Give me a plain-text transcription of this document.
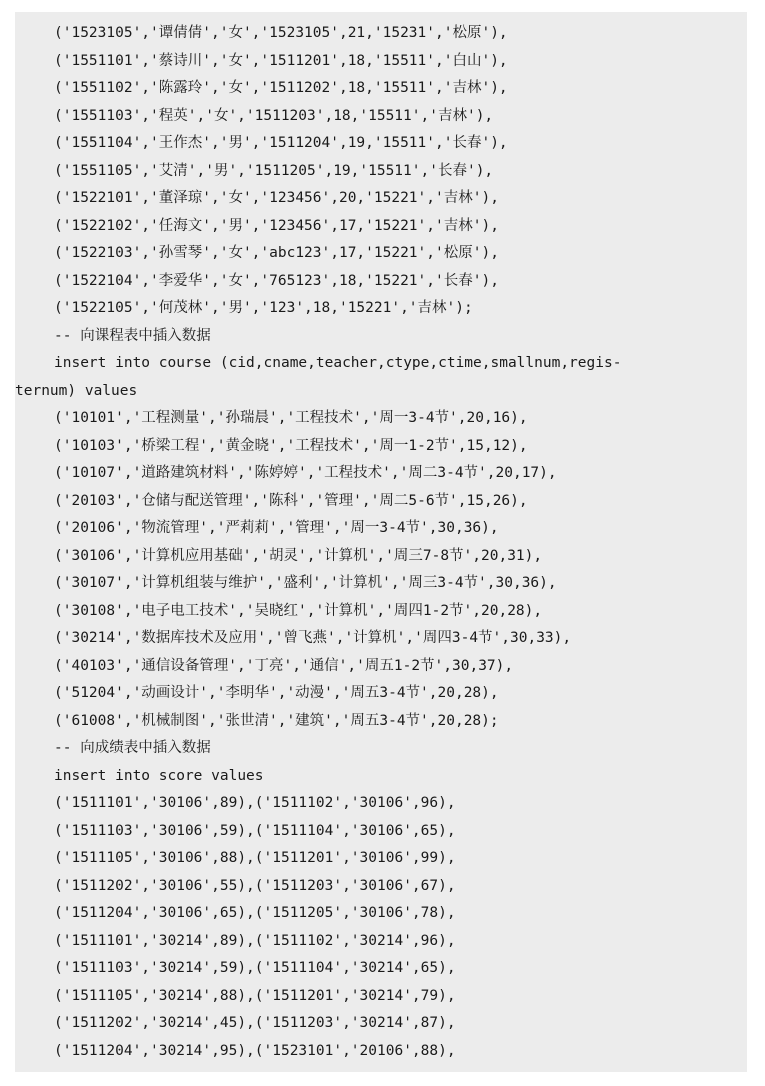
('1523105','谭倩倩','女','1523105',21,'15231','松原'),
('1551101','蔡诗川','女','1511201',18,'15511','白山'),
('1551102','陈露玲','女','1511202',18,'15511','吉林'),
('1551103','程英','女','1511203',18,'15511','吉林'),
('1551104','王作杰','男','1511204',19,'15511','长春'),
('1551105','艾清','男','1511205',19,'15511','长春'),
('1522101','董泽琼','女','123456',20,'15221','吉林'),
('1522102','任海文','男','123456',17,'15221','吉林'),
('1522103','孙雪琴','女','abc123',17,'15221','松原'),
('1522104','李爱华','女','765123',18,'15221','长春'),
('1522105','何茂林','男','123',18,'15221','吉林');
-- 向课程表中插入数据
insert into course (cid,cname,teacher,ctype,ctime,smallnum,regis-
ternum) values
('10101','工程测量','孙瑞晨','工程技术','周一3-4节',20,16),
('10103','桥梁工程','黄金晓','工程技术','周一1-2节',15,12),
('10107','道路建筑材料','陈婷婷','工程技术','周二3-4节',20,17),
('20103','仓储与配送管理','陈科','管理','周二5-6节',15,26),
('20106','物流管理','严莉莉','管理','周一3-4节',30,36),
('30106','计算机应用基础','胡灵','计算机','周三7-8节',20,31),
('30107','计算机组装与维护','盛利','计算机','周三3-4节',30,36),
('30108','电子电工技术','吴晓红','计算机','周四1-2节',20,28),
('30214','数据库技术及应用','曾飞燕','计算机','周四3-4节',30,33),
('40103','通信设备管理','丁亮','通信','周五1-2节',30,37),
('51204','动画设计','李明华','动漫','周五3-4节',20,28),
('61008','机械制图','张世清','建筑','周五3-4节',20,28);
-- 向成绩表中插入数据
insert into score values
('1511101','30106',89),('1511102','30106',96),
('1511103','30106',59),('1511104','30106',65),
('1511105','30106',88),('1511201','30106',99),
('1511202','30106',55),('1511203','30106',67),
('1511204','30106',65),('1511205','30106',78),
('1511101','30214',89),('1511102','30214',96),
('1511103','30214',59),('1511104','30214',65),
('1511105','30214',88),('1511201','30214',79),
('1511202','30214',45),('1511203','30214',87),
('1511204','30214',95),('1523101','20106',88),
